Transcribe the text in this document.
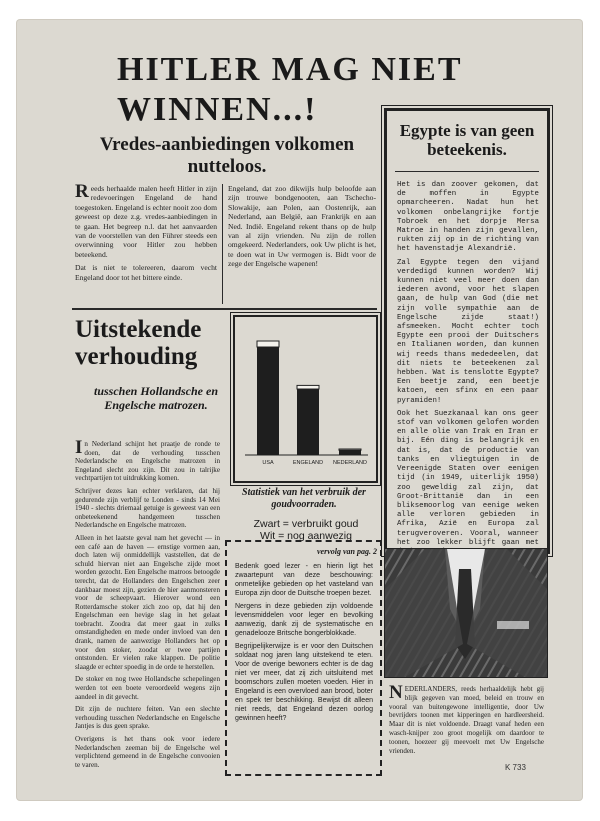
HITLER MAG NIET
WINNEN...!
Vredes-aanbiedingen volkomen nutteloos.
R eeds herhaalde malen heeft Hitler in zijn redevoeringen Engeland de hand toegestoken. Engeland is echter nooit zoo dom geweest op deze z.g. vredes-aanbiedingen in te gaan. Het begreep n.l. dat het aanvaarden van de voorstellen van den Führer steeds een overwinning voor Hitler zou hebben beteekend.

Dat is niet te tolereeren, daarom vecht Engeland door tot het bittere einde.

Engeland, dat zoo dikwijls hulp beloofde aan zijn trouwe bondgenooten, aan Tschecho-Slowakije, aan Polen, aan Oostenrijk, aan Nederland, aan België, aan Frankrijk en aan Ned. Indië. Engeland rekent thans op de hulp van al zijn vrienden. Nu zijn de rollen omgekeerd. Nederlanders, ook Uw plicht is het, te doen wat in Uw vermogen is. Bidt voor de zege der Engelsche wapenen!

Uitstekende verhouding
tusschen Hollandsche en Engelsche matrozen.
I n Nederland schijnt het praatje de ronde te doen, dat de verhouding tusschen Nederlandsche en Engelsche matrozen in Engeland slecht zou zijn. Dit zou in talrijke vechtpartijen tot uitdrukking komen.

Schrijver dezes kan echter verklaren, dat hij gedurende zijn verblijf te Londen - sinds 14 Mei 1940 - slechts driemaal getuige is geweest van een onbeteekenend handgemeen tusschen Nederlandsche en Engelsche matrozen.

Alleen in het laatste geval nam het gevecht — in een café aan de haven — ernstige vormen aan, doch laten wij onmiddellijk vaststellen, dat de schuld hiervan niet aan Engelsche zijde moet worden gezocht. Een Engelsche matroos betoogde terecht, dat de Hollanders den Engelschen zeer dankbaar moest zijn, gezien de hier aanmonsteren voor de scheepvaart. Hierover wond een Rotterdamsche stoker zich zoo op, dat hij den Engelschman een hevige slag in het gelaat toebracht. Zoodra dat meer gaat in zulks omstandigheden en mede onder invloed van den drank, namen de aanwezige Hollanders het op voor den stoker, zoodat er twee partijen ontstonden. Er vielen rake klappen. De politie slaagde er echter spoedig in de orde te herstellen.

De stoker en nog twee Hollandsche schepelingen werden tot een boete veroordeeld wegens zijn aandeel in dit gevecht.

Dit zijn de nuchtere feiten. Van een slechte verhouding tusschen Nederlandsche en Engelsche Jantjes is dus geen sprake.

Overigens is het thans ook voor iedere Nederlandschen zeeman bij de Engelsche wel verplichtend gemeend in de Engelsche convooien te varen.

USA	ENGELAND NEDERLAND
Statistiek van het verbruik der goudvoorraden.
Zwart = verbruikt goud
Wit = nog aanwezig
Egypte is van geen beteekenis.

Het is dan zoover gekomen, dat de moffen in Egypte opmarcheeren. Nadat hun het volkomen onbelangrijke fortje Tobroek en het dorpje Mersa Matroe in handen zijn gevallen, rukten zij op in de richting van het havenstadje Alexandrië.

Zal Egypte tegen den vijand verdedigd kunnen worden? Wij kunnen niet veel meer doen dan iederen avond, voor het slapen gaan, de hulp van God (die met zijn volle sympathie aan de Engelsche zijde staat!) afsmeeken. Mocht echter toch Egypte een prooi der Duitschers en Italianen worden, dan kunnen wij reeds thans mededeelen, dat dit niets te beteekenen zal hebben. Wat is tenslotte Egypte? Een beetje zand, een beetje katoen, een sfinx en een paar pyramiden!

Ook het Suezkanaal kan ons geer stof van volkomen gelofen worden en alle olie van Irak en Iran er bij. Eén ding is belangrijk en dat is, dat de productie van tanks en vliegtuigen in de Vereenigde Staten over eenigen tijd (in 1949, uiterlijk 1950) zoo geweldig zal zijn, dat Groot-Brittanië dan in een bliksemoorlog van eenige weken alle verloren gebieden in Afrika, Azië en Europa zal terugveroveren. Vooral, wanneer het zoo lekker blijft gaan met

vervolg van pag. 2

Bedenk goed lezer - en hierin ligt het zwaartepunt van deze beschouwing: onmetelijke gebieden op het vasteland van Europa zijn door de Duitsche troepen bezet.

Nergens in deze gebieden zijn voldoende levensmiddelen voor leger en bevolking aanwezig, dank zij de systematische en genadelooze Britsche bongerblokkade.

Begrijpelijkerwijze is er voor den Duitschen soldaat nog jaren lang uitstekend te eten. Voor de overige bewoners echter is de dag niet ver meer, dat zij zich uitsluitend met boomschors zullen moeten voeden. Hier in Engeland is een overvloed aan brood, boter en spek ter beschikking. Bewijst dit alleen niet reeds, dat Engeland dezen oorlog gewinnen heeft?

N EDERLANDERS, reeds herhaaldelijk hebt gij blijk gegeven van moed, beleid en trouw en vooral van buitengewone intelligentie, door Uw bevrijders toonen met kipperingen en hardleersheid. Maar dit is niet voldoende. Draagt vanaf heden een wasch-knijper zoo groot mogelijk om daardoor te toonen, hoezeer gij meevoelt met Uw Engelsche vrienden.
K 733
